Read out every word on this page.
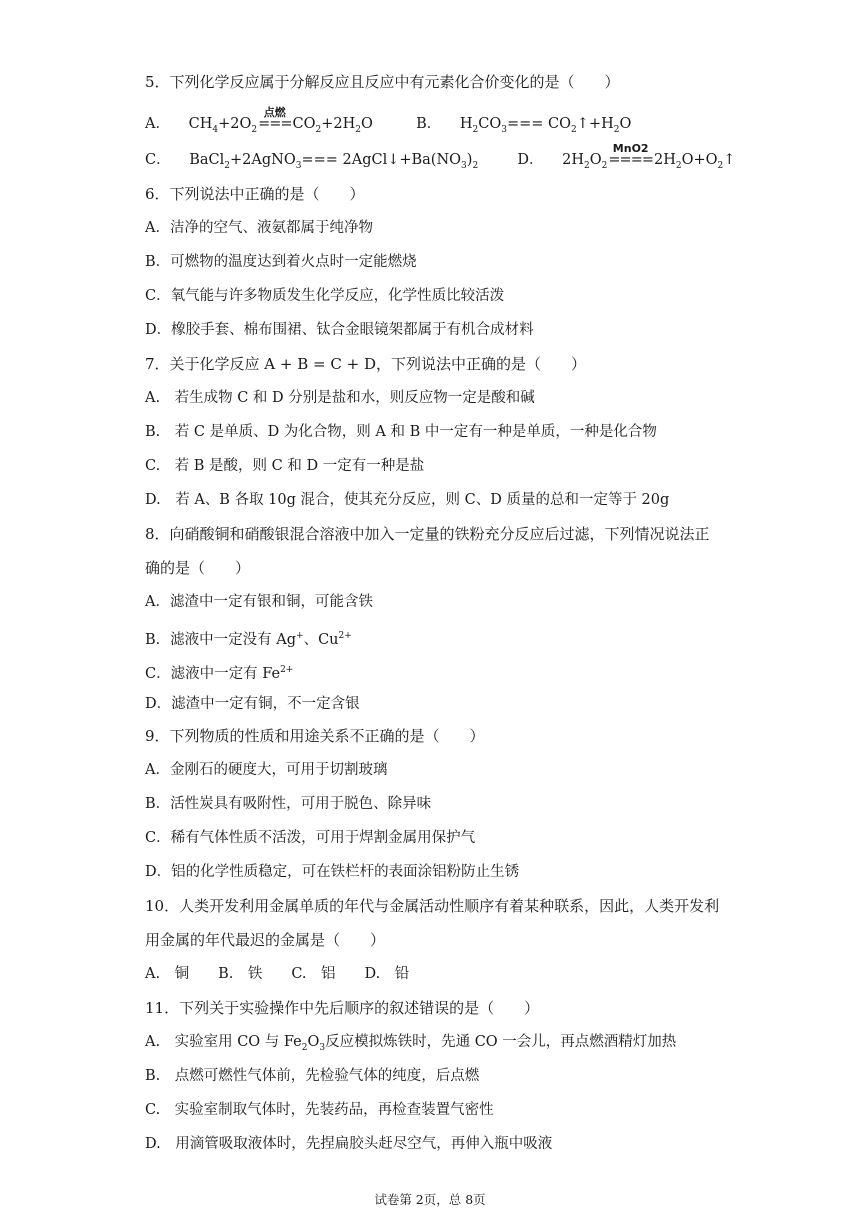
5．下列化学反应属于分解反应且反应中有元素化合价变化的是（　　）
A． $CH_4+2O_2$
点燃
$===CO_2+2H_2O$	B． $H_2CO_3===$ $CO_2↑+H_2O$
C． BaCl$_2$+2AgNO$_3$=== $2AgCl↓+Ba(NO_3)_2$	D． $2H_2O_2$
MnO2
$====2H_2O+O_2↑$
6．下列说法中正确的是（　　）
A．洁净的空气、液氨都属于纯净物
B．可燃物的温度达到着火点时一定能燃烧
C．氧气能与许多物质发生化学反应，化学性质比较活泼
D．橡胶手套、棉布围裙、钛合金眼镜架都属于有机合成材料
7．关于化学反应 A + B = C + D，下列说法中正确的是（　　）
A.　若生成物 C 和 D 分别是盐和水，则反应物一定是酸和碱
B.　若 C 是单质、D 为化合物，则 A 和 B 中一定有一种是单质，一种是化合物
C.　若 B 是酸，则 C 和 D 一定有一种是盐
D.　若 A、B 各取 10g 混合，使其充分反应，则 C、D 质量的总和一定等于 20g
8．向硝酸铜和硝酸银混合溶液中加入一定量的铁粉充分反应后过滤，下列情况说法正
确的是（　　）
A．滤渣中一定有银和铜，可能含铁
B．滤液中一定没有 Ag+、$Cu^{2+}$
C．滤液中一定有 $Fe^{2+}$
D．滤渣中一定有铜，不一定含银
9．下列物质的性质和用途关系不正确的是（　　）
A．金刚石的硬度大，可用于切割玻璃
B．活性炭具有吸附性，可用于脱色、除异味
C．稀有气体性质不活泼，可用于焊割金属用保护气
D．铝的化学性质稳定，可在铁栏杆的表面涂铝粉防止生锈
10．人类开发利用金属单质的年代与金属活动性顺序有着某种联系，因此，人类开发利
用金属的年代最迟的金属是（　　）
A.　铜　　B.　铁　　C.　铝　　D.　铅
11．下列关于实验操作中先后顺序的叙述错误的是（　　）
A.　实验室用 CO 与 $Fe_2O_3$反应模拟炼铁时，先通 CO 一会儿，再点燃酒精灯加热
B.　点燃可燃性气体前，先检验气体的纯度，后点燃
C.　实验室制取气体时，先装药品，再检查装置气密性
D.　用滴管吸取液体时，先捏扁胶头赶尽空气，再伸入瓶中吸液
试卷第 2页，总 8页
